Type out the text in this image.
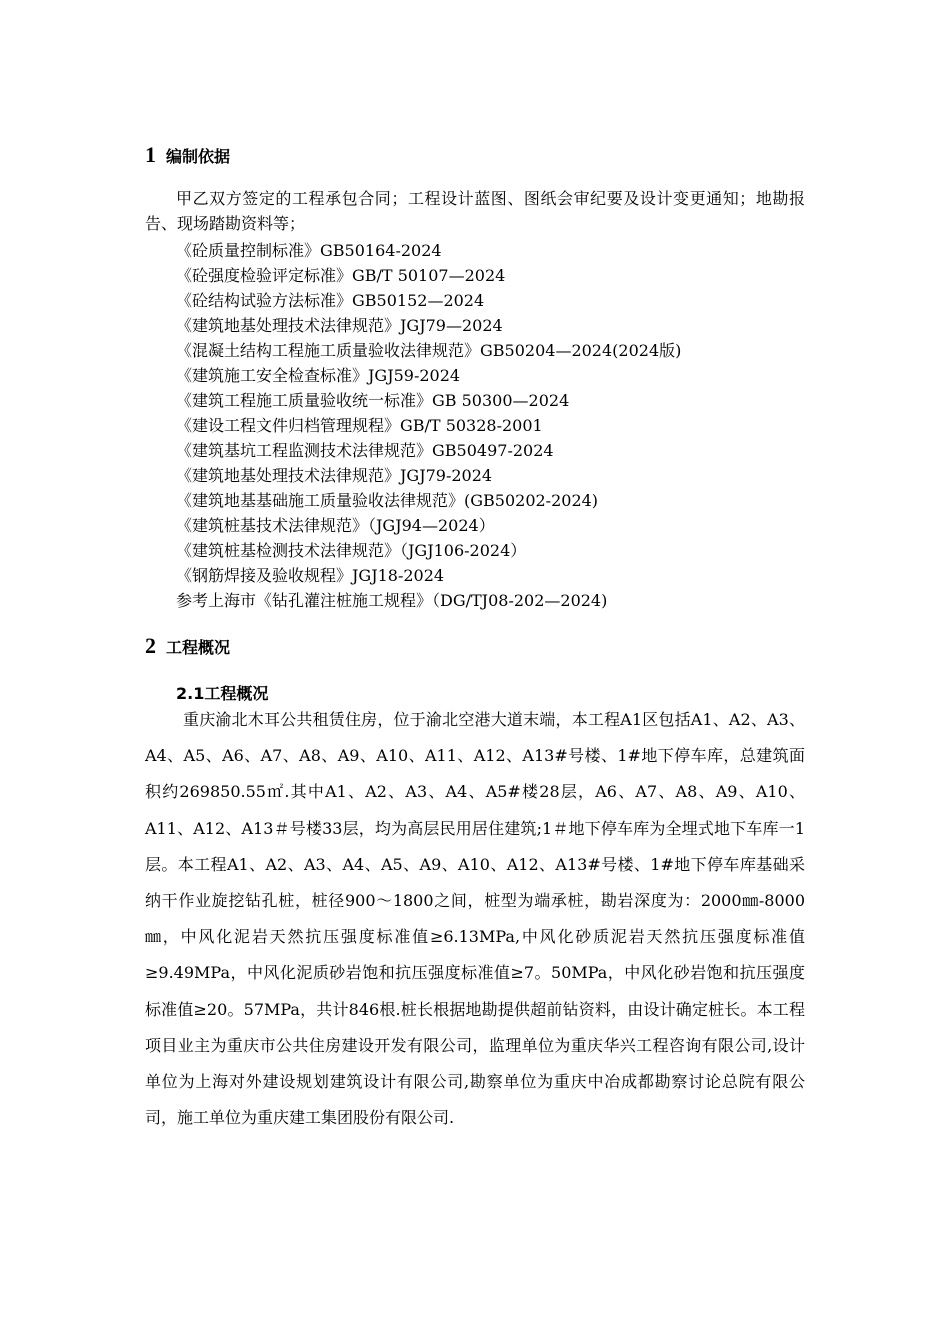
1 编制依据
甲乙双方签定的工程承包合同；工程设计蓝图、图纸会审纪要及设计变更通知；地勘报告、现场踏勘资料等；
《砼质量控制标准》GB50164-2024
《砼强度检验评定标准》GB/T 50107—2024
《砼结构试验方法标准》GB50152—2024
《建筑地基处理技术法律规范》JGJ79—2024
《混凝土结构工程施工质量验收法律规范》GB50204—2024(2024版)
《建筑施工安全检查标准》JGJ59-2024
《建筑工程施工质量验收统一标准》GB 50300—2024
《建设工程文件归档管理规程》GB/T 50328-2001
《建筑基坑工程监测技术法律规范》GB50497-2024
《建筑地基处理技术法律规范》JGJ79-2024
《建筑地基基础施工质量验收法律规范》(GB50202-2024)
《建筑桩基技术法律规范》（JGJ94—2024）
《建筑桩基检测技术法律规范》（JGJ106-2024）
《钢筋焊接及验收规程》JGJ18-2024
参考上海市《钻孔灌注桩施工规程》（DG/TJ08-202—2024)
2 工程概况
2.1工程概况

重庆渝北木耳公共租赁住房，位于渝北空港大道末端，本工程A1区包括A1、A2、A3、A4、A5、A6、A7、A8、A9、A10、A11、A12、A13#号楼、1#地下停车库，总建筑面积约269850.55㎡.其中A1、A2、A3、A4、A5#楼28层，A6、A7、A8、A9、A10、A11、A12、A13＃号楼33层，均为高层民用居住建筑;1＃地下停车库为全埋式地下车库一1层。本工程A1、A2、A3、A4、A5、A9、A10、A12、A13#号楼、1#地下停车库基础采纳干作业旋挖钻孔桩，桩径900～1800之间，桩型为端承桩，勘岩深度为：2000㎜-8000㎜，中风化泥岩天然抗压强度标准值≥6.13MPa,中风化砂质泥岩天然抗压强度标准值≥9.49MPa，中风化泥质砂岩饱和抗压强度标准值≥7。50MPa，中风化砂岩饱和抗压强度标准值≥20。57MPa，共计846根.桩长根据地勘提供超前钻资料，由设计确定桩长。本工程项目业主为重庆市公共住房建设开发有限公司，监理单位为重庆华兴工程咨询有限公司,设计单位为上海对外建设规划建筑设计有限公司,勘察单位为重庆中冶成都勘察讨论总院有限公司，施工单位为重庆建工集团股份有限公司.
